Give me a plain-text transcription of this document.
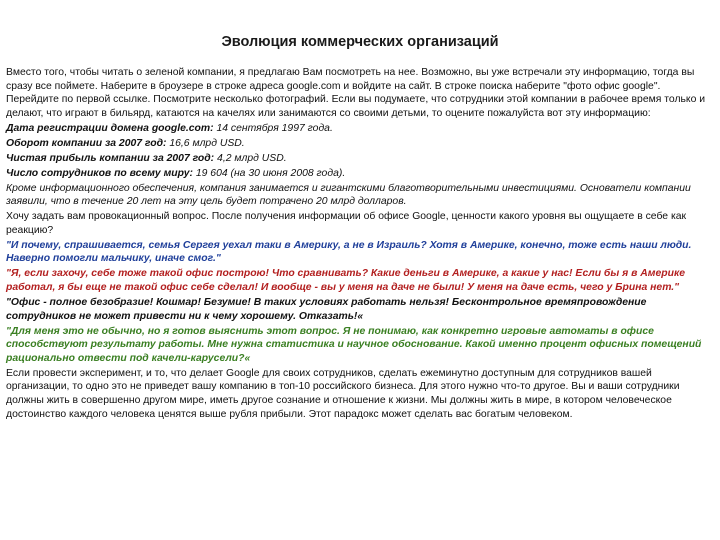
Эволюция коммерческих организаций

Вместо того, чтобы читать о зеленой компании, я предлагаю Вам посмотреть на нее. Возможно, вы уже встречали эту информацию, тогда вы сразу все поймете. Наберите в броузере в строке адреса google.com и войдите на сайт. В строке поиска наберите "фото офис google". Перейдите по первой ссылке. Посмотрите несколько фотографий. Если вы подумаете, что сотрудники этой компании в рабочее время только и делают, что играют в бильярд, катаются на качелях или занимаются со своими детьми, то оцените пожалуйста вот эту информацию:

Дата регистрации домена google.com: 14 сентября 1997 года.

Оборот компании за 2007 год: 16,6 млрд USD.

Чистая прибыль компании за 2007 год: 4,2 млрд USD.

Число сотрудников по всему миру: 19 604 (на 30 июня 2008 года).

Кроме информационного обеспечения, компания занимается и гигантскими благотворительными инвестициями. Основатели компании заявили, что в течение 20 лет на эту цель будет потрачено 20 млрд долларов.

Хочу задать вам провокационный вопрос. После получения информации об офисе Google, ценности какого уровня вы ощущаете в себе как реакцию?

"И почему, спрашивается, семья Сергея уехал таки в Америку, а не в Израиль? Хотя в Америке, конечно, тоже есть наши люди. Наверно помогли мальчику, иначе смог."

"Я, если захочу, себе тоже такой офис построю! Что сравнивать? Какие деньги в Америке, а какие у нас! Если бы я в Америке работал, я бы еще не такой офис себе сделал! И вообще - вы у меня на даче не были! У меня на даче есть, чего у Брина нет."

"Офис - полное безобразие! Кошмар! Безумие! В таких условиях работать нельзя! Бесконтрольное времяпровождение сотрудников не может привести ни к чему хорошему. Отказать!«

"Для меня это не обычно, но я готов выяснить этот вопрос. Я не понимаю, как конкретно игровые автоматы в офисе способствуют результату работы. Мне нужна статистика и научное обоснование. Какой именно процент офисных помещений рационально отвести под качели-карусели?«

Если провести эксперимент, и то, что делает Google для своих сотрудников, сделать ежеминутно доступным для сотрудников вашей организации, то одно это не приведет вашу компанию в топ-10 российского бизнеса. Для этого нужно что-то другое. Вы и ваши сотрудники должны жить в совершенно другом мире, иметь другое сознание и отношение к жизни. Мы должны жить в мире, в котором человеческое достоинство каждого человека ценятся выше рубля прибыли. Этот парадокс может сделать вас богатым человеком.
